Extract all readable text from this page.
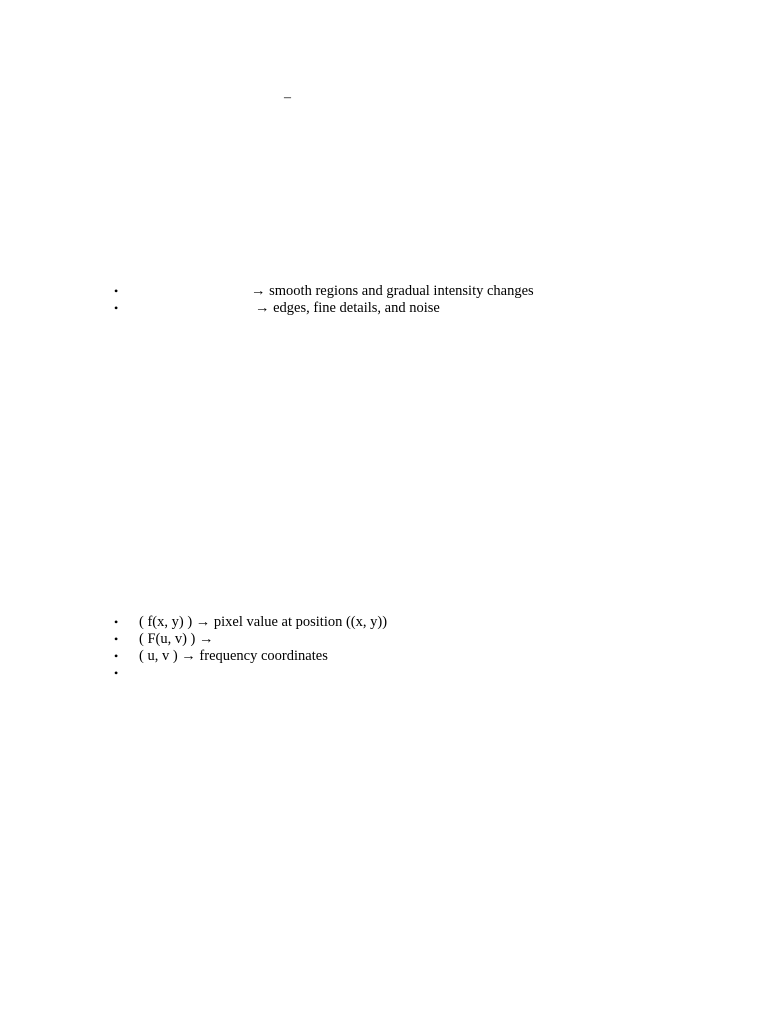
–
•	→ smooth regions and gradual intensity changes
•	→ edges, fine details, and noise
• ( f(x, y) ) → pixel value at position ((x, y))
• ( F(u, v) ) →
• ( u, v ) → frequency coordinates
•
